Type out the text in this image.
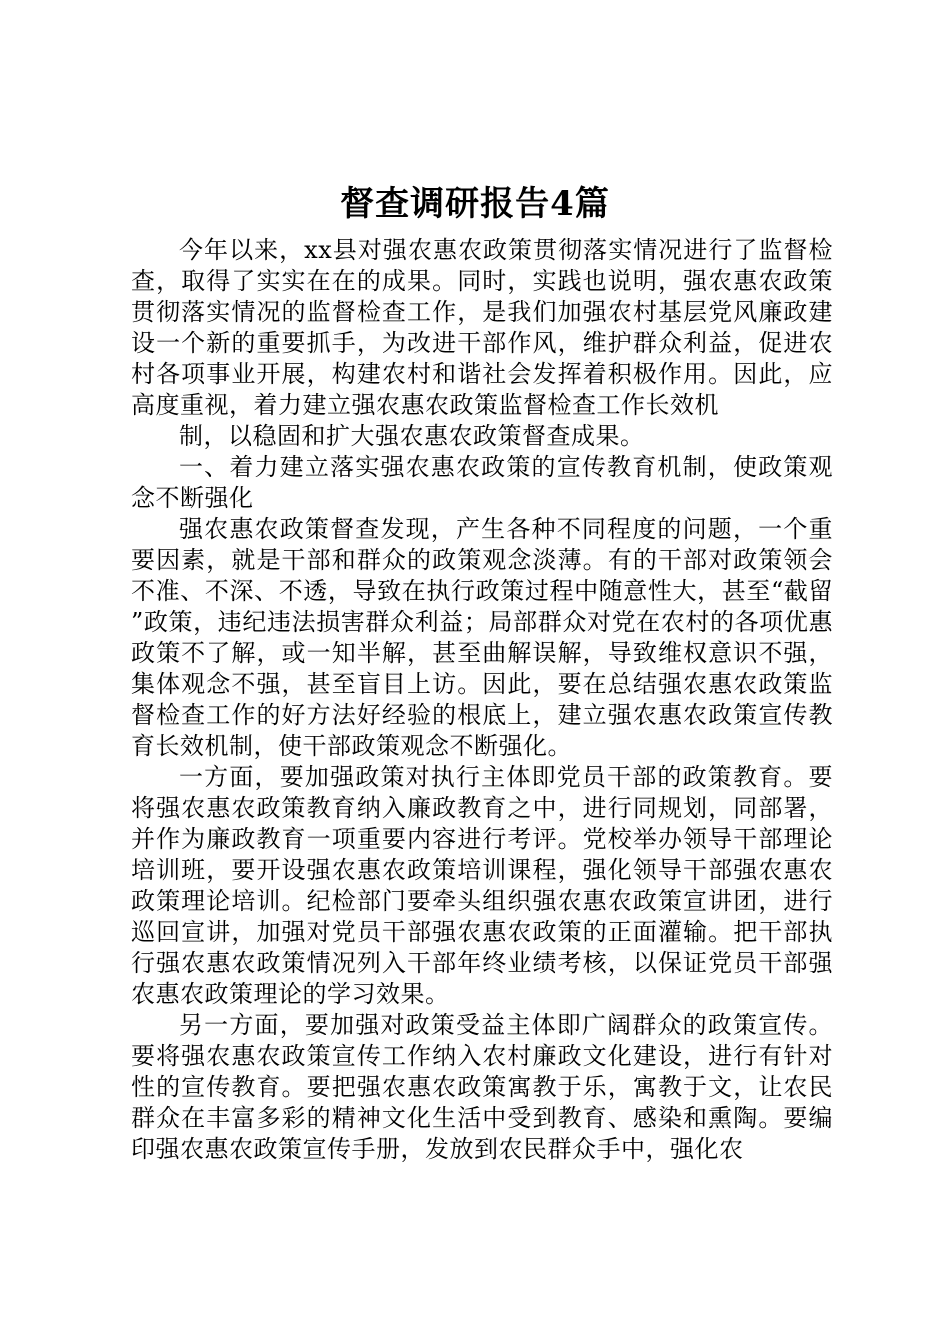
督查调研报告4篇

今年以来，xx县对强农惠农政策贯彻落实情况进行了监督检查，取得了实实在在的成果。同时，实践也说明，强农惠农政策贯彻落实情况的监督检查工作，是我们加强农村基层党风廉政建设一个新的重要抓手，为改进干部作风，维护群众利益，促进农村各项事业开展，构建农村和谐社会发挥着积极作用。因此，应高度重视，着力建立强农惠农政策监督检查工作长效机

制，以稳固和扩大强农惠农政策督查成果。

一、着力建立落实强农惠农政策的宣传教育机制，使政策观念不断强化

强农惠农政策督查发现，产生各种不同程度的问题，一个重要因素，就是干部和群众的政策观念淡薄。有的干部对政策领会不准、不深、不透，导致在执行政策过程中随意性大，甚至“截留”政策，违纪违法损害群众利益；局部群众对党在农村的各项优惠政策不了解，或一知半解，甚至曲解误解，导致维权意识不强，集体观念不强，甚至盲目上访。因此，要在总结强农惠农政策监督检查工作的好方法好经验的根底上，建立强农惠农政策宣传教育长效机制，使干部政策观念不断强化。

一方面，要加强政策对执行主体即党员干部的政策教育。要将强农惠农政策教育纳入廉政教育之中，进行同规划，同部署，并作为廉政教育一项重要内容进行考评。党校举办领导干部理论培训班，要开设强农惠农政策培训课程，强化领导干部强农惠农政策理论培训。纪检部门要牵头组织强农惠农政策宣讲团，进行巡回宣讲，加强对党员干部强农惠农政策的正面灌输。把干部执行强农惠农政策情况列入干部年终业绩考核，以保证党员干部强农惠农政策理论的学习效果。

另一方面，要加强对政策受益主体即广阔群众的政策宣传。要将强农惠农政策宣传工作纳入农村廉政文化建设，进行有针对性的宣传教育。要把强农惠农政策寓教于乐，寓教于文，让农民群众在丰富多彩的精神文化生活中受到教育、感染和熏陶。要编印强农惠农政策宣传手册，发放到农民群众手中，强化农
